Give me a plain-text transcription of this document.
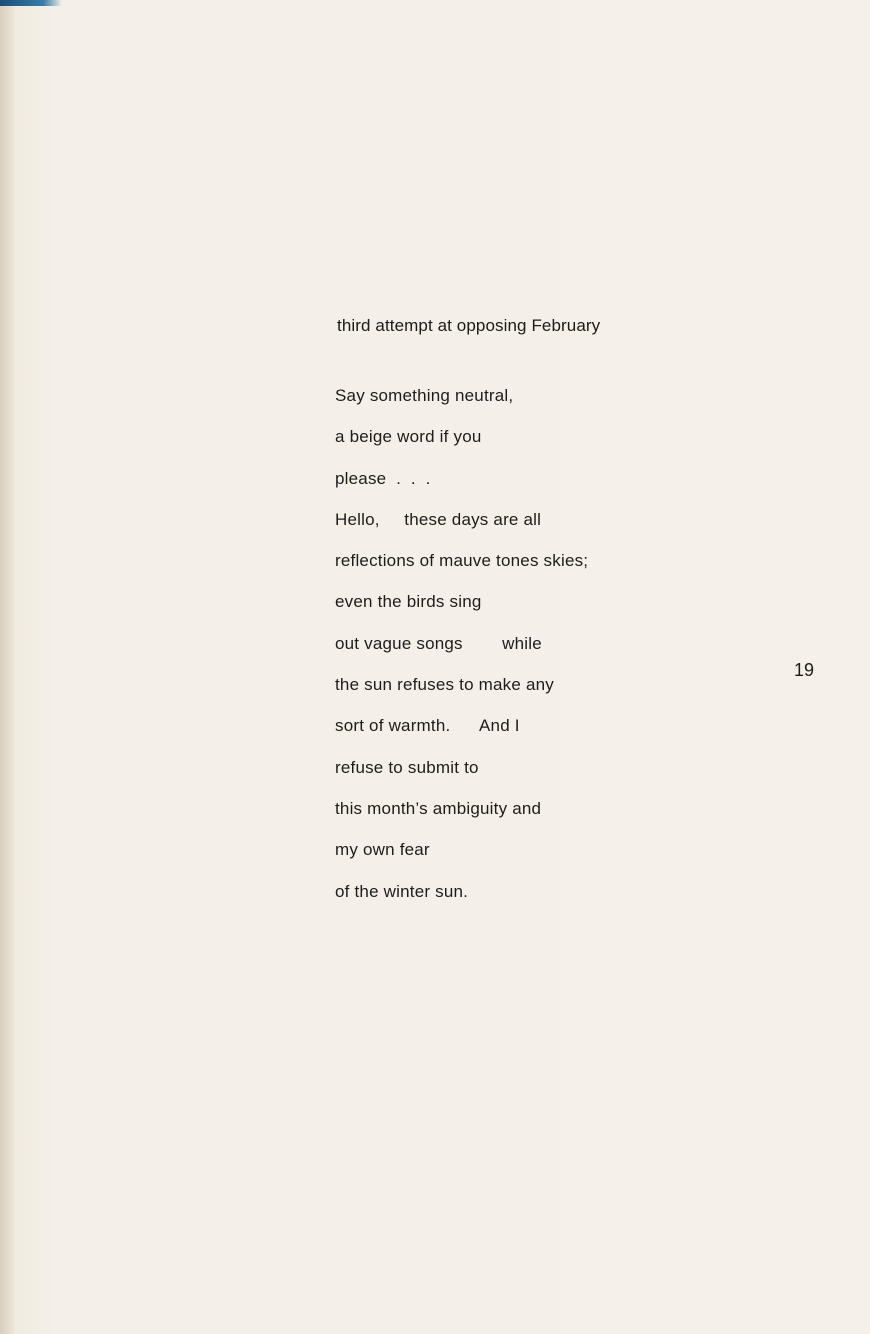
third attempt at opposing February
Say something neutral,
a beige word if you
please  .  .  .
Hello,     these days are all
reflections of mauve tones skies;
even the birds sing
out vague songs        while
the sun refuses to make any
sort of warmth.      And I
refuse to submit to
this month’s ambiguity and
my own fear
of the winter sun.
19
